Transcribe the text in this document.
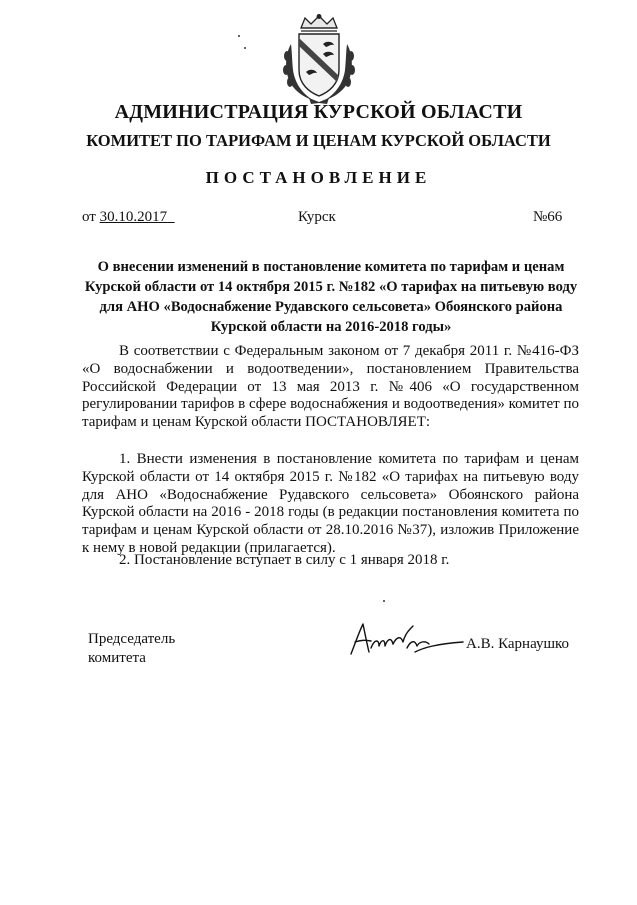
АДМИНИСТРАЦИЯ КУРСКОЙ ОБЛАСТИ
КОМИТЕТ ПО ТАРИФАМ И ЦЕНАМ КУРСКОЙ ОБЛАСТИ
ПОСТАНОВЛЕНИЕ
от 30.10.2017	Курск	№66
О внесении изменений в постановление комитета по тарифам и ценам Курской области от 14 октября 2015 г. №182 «О тарифах на питьевую воду для АНО «Водоснабжение Рудавского сельсовета» Обоянского района Курской области на 2016-2018 годы»
В соответствии с Федеральным законом от 7 декабря 2011 г. №416-ФЗ «О водоснабжении и водоотведении», постановлением Правительства Российской Федерации от 13 мая 2013 г. №406 «О государственном регулировании тарифов в сфере водоснабжения и водоотведения» комитет по тарифам и ценам Курской области ПОСТАНОВЛЯЕТ:
1. Внести изменения в постановление комитета по тарифам и ценам Курской области от 14 октября 2015 г. №182 «О тарифах на питьевую воду для АНО «Водоснабжение Рудавского сельсовета» Обоянского района Курской области на 2016 - 2018 годы (в редакции постановления комитета по тарифам и ценам Курской области от 28.10.2016 №37), изложив Приложение к нему в новой редакции (прилагается).
2. Постановление вступает в силу с 1 января 2018 г.
Председатель
комитета
А.В. Карнаушко
